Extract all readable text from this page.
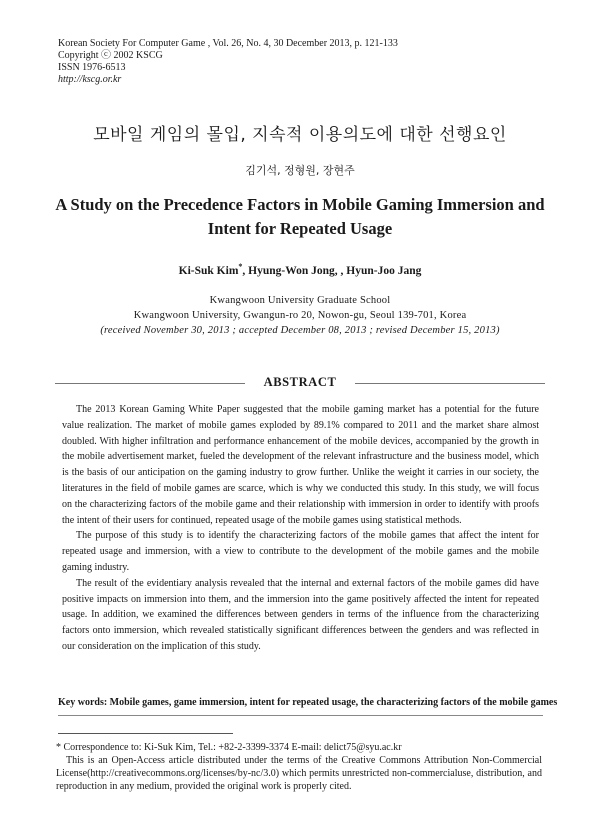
Korean Society For Computer Game , Vol. 26, No. 4, 30 December 2013, p. 121-133
Copyright ⓒ 2002 KSCG
ISSN 1976-6513
http://kscg.or.kr
모바일 게임의 몰입, 지속적 이용의도에 대한 선행요인
김기석, 정형원, 장현주
A Study on the Precedence Factors in Mobile Gaming Immersion and Intent for Repeated Usage
Ki-Suk Kim*, Hyung-Won Jong, , Hyun-Joo Jang
Kwangwoon University Graduate School
Kwangwoon University, Gwangun-ro 20, Nowon-gu, Seoul 139-701, Korea
(received November 30, 2013 ; accepted December 08, 2013 ; revised December 15, 2013)
ABSTRACT

The 2013 Korean Gaming White Paper suggested that the mobile gaming market has a potential for the future value realization. The market of mobile games exploded by 89.1% compared to 2011 and the market share almost doubled. With higher infiltration and performance enhancement of the mobile devices, accompanied by the growth in the mobile advertisement market, fueled the development of the relevant infrastructure and the business model, which is the basis of our anticipation on the gaming industry to grow further. Unlike the weight it carries in our society, the literatures in the field of mobile games are scarce, which is why we conducted this study. In this study, we will focus on the characterizing factors of the mobile game and their relationship with immersion in order to identify with proofs the intent of their users for continued, repeated usage of the mobile games using statistical methods.

The purpose of this study is to identify the characterizing factors of the mobile games that affect the intent for repeated usage and immersion, with a view to contribute to the development of the mobile games and the mobile gaming industry.

The result of the evidentiary analysis revealed that the internal and external factors of the mobile games did have positive impacts on immersion into them, and the immersion into the game positively affected the intent for repeated usage. In addition, we examined the differences between genders in terms of the influence from the characterizing factors onto immersion, which revealed statistically significant differences between the genders and was reflected in our consideration on the implication of this study.

Key words: Mobile games, game immersion, intent for repeated usage, the characterizing factors of the mobile games

* Correspondence to: Ki-Suk Kim, Tel.: +82-2-3399-3374 E-mail: delict75@syu.ac.kr

This is an Open-Access article distributed under the terms of the Creative Commons Attribution Non-Commercial License(http://creativecommons.org/licenses/by-nc/3.0) which permits unrestricted non-commercialuse, distribution, and reproduction in any medium, provided the original work is properly cited.
